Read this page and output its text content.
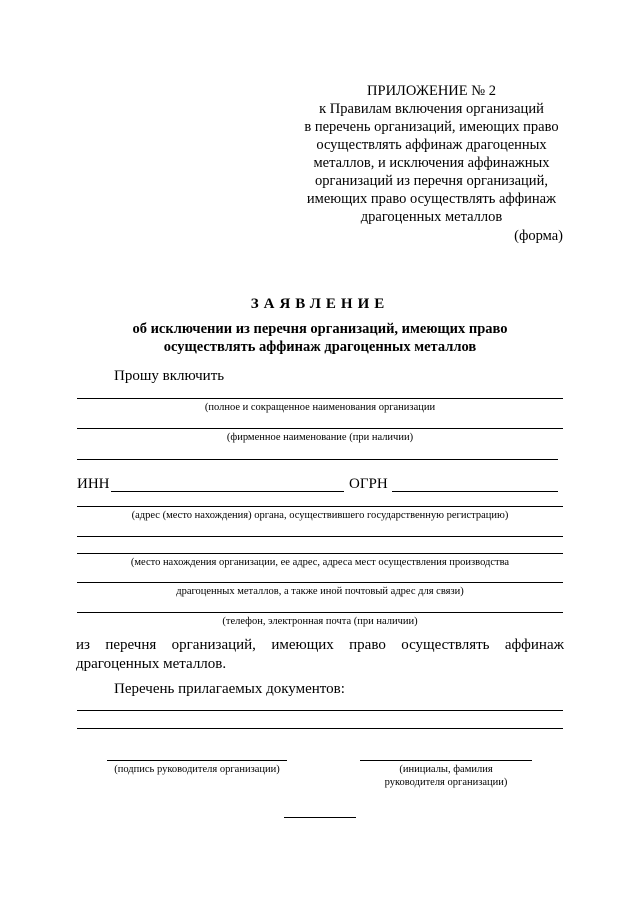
ПРИЛОЖЕНИЕ № 2
к Правилам включения организаций
в перечень организаций, имеющих право
осуществлять аффинаж драгоценных
металлов, и исключения аффинажных
организаций из перечня организаций,
имеющих право осуществлять аффинаж
драгоценных металлов
(форма)
ЗАЯВЛЕНИЕ
об исключении из перечня организаций, имеющих право
осуществлять аффинаж драгоценных металлов
Прошу включить
(полное и сокращенное наименования организации
(фирменное наименование (при наличии)
ИНН	ОГРН
(адрес (место нахождения) органа, осуществившего государственную регистрацию)
(место нахождения организации, ее адрес, адреса мест осуществления производства
драгоценных металлов, а также иной почтовый адрес для связи)
(телефон, электронная почта (при наличии)
из перечня организаций, имеющих право осуществлять аффинаж
драгоценных металлов.
Перечень прилагаемых документов:
(подпись руководителя организации)	(инициалы, фамилия
руководителя организации)
